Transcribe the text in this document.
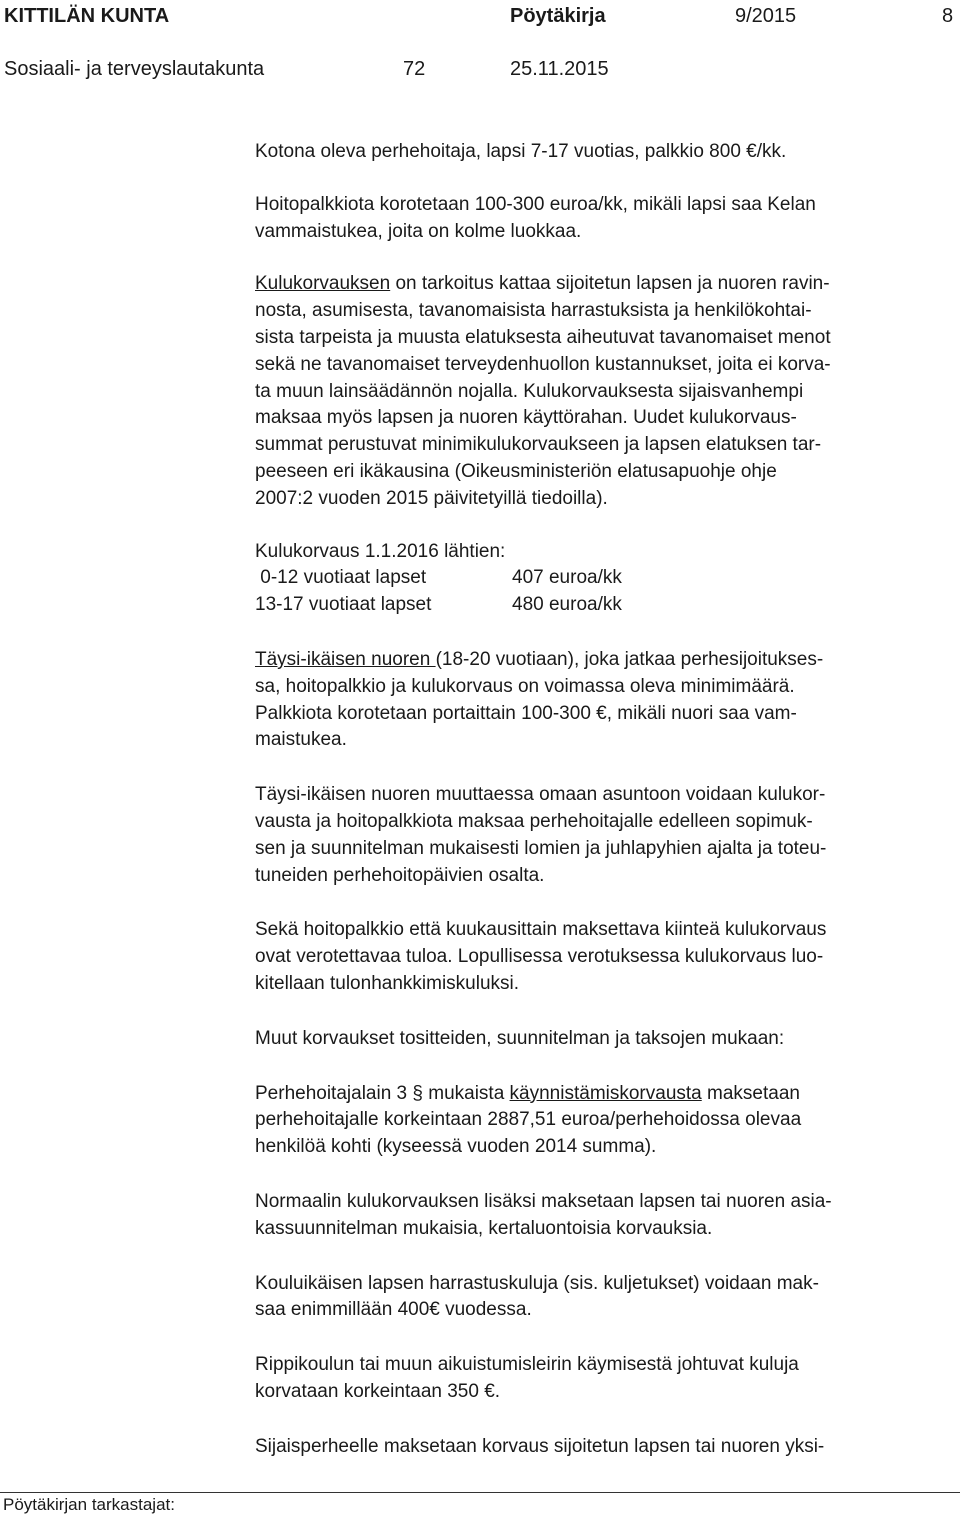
KITTILÄN KUNTA	Pöytäkirja	9/2015	8
Sosiaali- ja terveyslautakunta	72	25.11.2015

Kotona oleva perhehoitaja, lapsi 7-17 vuotias, palkkio 800 €/kk.

Hoitopalkkiota korotetaan 100-300 euroa/kk, mikäli lapsi saa Kelan

vammaistukea, joita on kolme luokkaa.

Kulukorvauksen on tarkoitus kattaa sijoitetun lapsen ja nuoren ravin-

nosta, asumisesta, tavanomaisista harrastuksista ja henkilökohtai-

sista tarpeista ja muusta elatuksesta aiheutuvat tavanomaiset menot

sekä ne tavanomaiset terveydenhuollon kustannukset, joita ei korva-

ta muun lainsäädännön nojalla. Kulukorvauksesta sijaisvanhempi

maksaa myös lapsen ja nuoren käyttörahan. Uudet kulukorvaus-

summat perustuvat minimikulukorvaukseen ja lapsen elatuksen tar-

peeseen eri ikäkausina (Oikeusministeriön elatusapuohje ohje

2007:2 vuoden 2015 päivitetyillä tiedoilla).

Kulukorvaus 1.1.2016 lähtien:

0-12 vuotiaat lapset	407 euroa/kk
13-17 vuotiaat lapset	480 euroa/kk

Täysi-ikäisen nuoren (18-20 vuotiaan), joka jatkaa perhesijoitukses-

sa, hoitopalkkio ja kulukorvaus on voimassa oleva minimimäärä.

Palkkiota korotetaan portaittain 100-300 €, mikäli nuori saa vam-

maistukea.

Täysi-ikäisen nuoren muuttaessa omaan asuntoon voidaan kulukor-

vausta ja hoitopalkkiota maksaa perhehoitajalle edelleen sopimuk-

sen ja suunnitelman mukaisesti lomien ja juhlapyhien ajalta ja toteu-

tuneiden perhehoitopäivien osalta.

Sekä hoitopalkkio että kuukausittain maksettava kiinteä kulukorvaus

ovat verotettavaa tuloa. Lopullisessa verotuksessa kulukorvaus luo-

kitellaan tulonhankkimiskuluksi.

Muut korvaukset tositteiden, suunnitelman ja taksojen mukaan:

Perhehoitajalain 3 § mukaista käynnistämiskorvausta maksetaan

perhehoitajalle korkeintaan 2887,51 euroa/perhehoidossa olevaa

henkilöä kohti (kyseessä vuoden 2014 summa).

Normaalin kulukorvauksen lisäksi maksetaan lapsen tai nuoren asia-

kassuunnitelman mukaisia, kertaluontoisia korvauksia.

Kouluikäisen lapsen harrastuskuluja (sis. kuljetukset) voidaan mak-

saa enimmillään 400€ vuodessa.

Rippikoulun tai muun aikuistumisleirin käymisestä johtuvat kuluja

korvataan korkeintaan 350 €.

Sijaisperheelle maksetaan korvaus sijoitetun lapsen tai nuoren yksi-

Pöytäkirjan tarkastajat:
